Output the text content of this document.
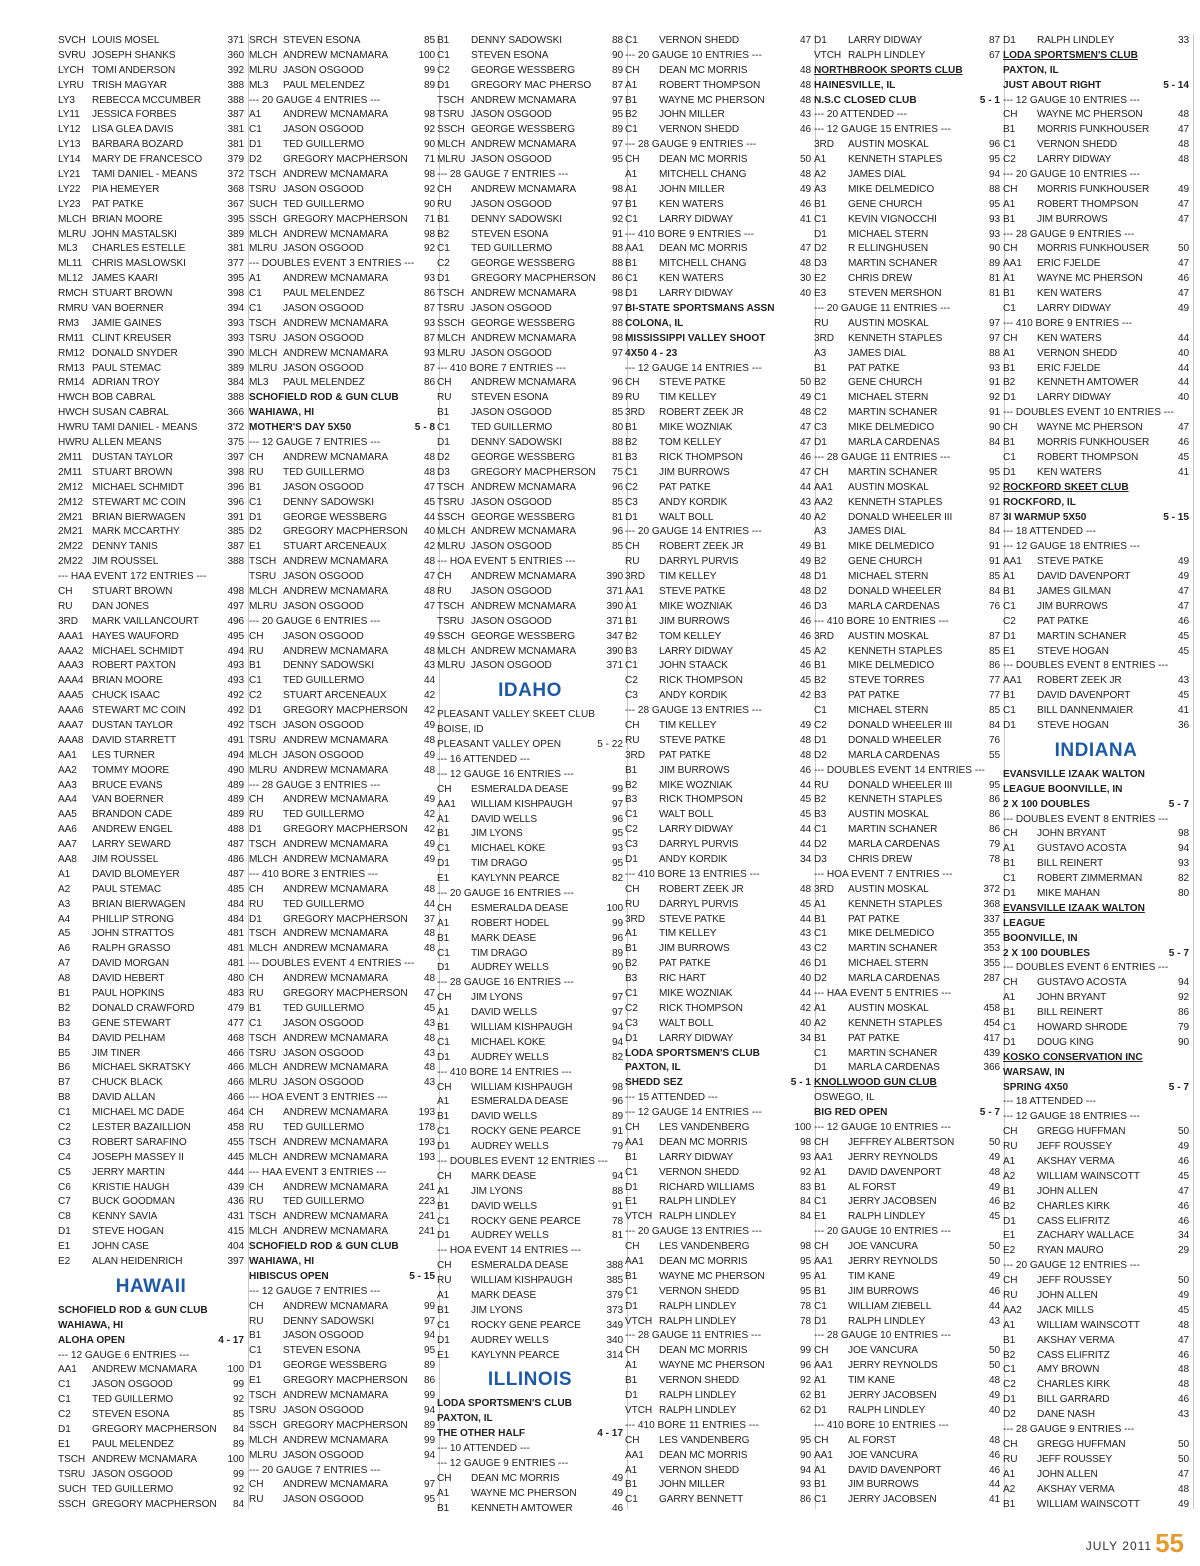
SVCH LOUIS MOSEL	371
SVRU JOSEPH SHANKS	360
LYCH TOMI ANDERSON	392
LYRU TRISH MAGYAR	388
LY3	REBECCA MCCUMBER	388
LY11	JESSICA FORBES	387
LY12	LISA GLEA DAVIS	381
LY13	BARBARA BOZARD	381
LY14	MARY DE FRANCESCO	379
LY21	TAMI DANIEL - MEANS	372
LY22	PIA HEMEYER	368
LY23	PAT PATKE	367
MLCH BRIAN MOORE	395
MLRU JOHN MASTALSKI	389
ML3	CHARLES ESTELLE	381
ML11 CHRIS MASLOWSKI	377
ML12 JAMES KAARI	395
RMCH STUART BROWN	398
RMRU VAN BOERNER	394
RM3	JAMIE GAINES	393
RM11 CLINT KREUSER	393
RM12 DONALD SNYDER	390
RM13 PAUL STEMAC	389
RM14 ADRIAN TROY	384
HWCH BOB CABRAL	388
HWCH SUSAN CABRAL	366
HWRU TAMI DANIEL - MEANS	372
HWRU ALLEN MEANS	375
2M11 DUSTAN TAYLOR	397
2M11 STUART BROWN	398
2M12 MICHAEL SCHMIDT	396
2M12 STEWART MC COIN	396
2M21 BRIAN BIERWAGEN	391
2M21 MARK MCCARTHY	385
2M22 DENNY TANIS	387
2M22 JIM ROUSSEL	388
--- HAA EVENT 172 ENTRIES ---
CH	STUART BROWN	498
RU	DAN JONES	497
3RD	MARK VAILLANCOURT	496
AAA1 HAYES WAUFORD	495
AAA2 MICHAEL SCHMIDT	494
AAA3 ROBERT PAXTON	493
AAA4 BRIAN MOORE	493
AAA5 CHUCK ISAAC	492
AAA6 STEWART MC COIN	492
AAA7 DUSTAN TAYLOR	492
AAA8 DAVID STARRETT	491
AA1	LES TURNER	494
AA2	TOMMY MOORE	490
AA3	BRUCE EVANS	489
AA4	VAN BOERNER	489
AA5	BRANDON CADE	489
AA6	ANDREW ENGEL	488
AA7	LARRY SEWARD	487
AA8	JIM ROUSSEL	486
A1	DAVID BLOMEYER	487
A2	PAUL STEMAC	485
A3	BRIAN BIERWAGEN	484
A4	PHILLIP STRONG	484
A5	JOHN STRATTOS	481
A6	RALPH GRASSO	481
A7	DAVID MORGAN	481
A8	DAVID HEBERT	480
B1	PAUL HOPKINS	483
B2	DONALD CRAWFORD	479
B3	GENE STEWART	477
B4	DAVID PELHAM	468
B5	JIM TINER	466
B6	MICHAEL SKRATSKY	466
B7	CHUCK BLACK	466
B8	DAVID ALLAN	466
C1	MICHAEL MC DADE	464
C2	LESTER BAZAILLION	458
C3	ROBERT SARAFINO	455
C4	JOSEPH MASSEY II	445
C5	JERRY MARTIN	444
C6	KRISTIE HAUGH	439
C7	BUCK GOODMAN	436
C8	KENNY SAVIA	431
D1	STEVE HOGAN	415
E1	JOHN CASE	404
E2	ALAN HEIDENRICH	397
HAWAII
SCHOFIELD ROD & GUN CLUB
WAHIAWA, HI
ALOHA OPEN	4 - 17
--- 12 GAUGE 6 ENTRIES ---
AA1	ANDREW MCNAMARA	100
C1	JASON OSGOOD	99
C1	TED GUILLERMO	92
C2	STEVEN ESONA	85
D1	GREGORY MACPHERSON	84
E1	PAUL MELENDEZ	89
TSCH ANDREW MCNAMARA	100
TSRU JASON OSGOOD	99
SUCH TED GUILLERMO	92
SSCH GREGORY MACPHERSON	84
SRCH STEVEN ESONA	85
MLCH ANDREW MCNAMARA	100
MLRU JASON OSGOOD	99
ML3	PAUL MELENDEZ	89
--- 20 GAUGE 4 ENTRIES ---
A1	ANDREW MCNAMARA	98
C1	JASON OSGOOD	92
D1	TED GUILLERMO	90
D2	GREGORY MACPHERSON	71
TSCH ANDREW MCNAMARA	98
TSRU JASON OSGOOD	92
SUCH TED GUILLERMO	90
SSCH GREGORY MACPHERSON	71
MLCH ANDREW MCNAMARA	98
MLRU JASON OSGOOD	92
--- DOUBLES EVENT 3 ENTRIES ---
A1	ANDREW MCNAMARA	93
C1	PAUL MELENDEZ	86
C1	JASON OSGOOD	87
TSCH ANDREW MCNAMARA	93
TSRU JASON OSGOOD	87
MLCH ANDREW MCNAMARA	93
MLRU JASON OSGOOD	87
ML3	PAUL MELENDEZ	86
SCHOFIELD ROD & GUN CLUB
WAHIAWA, HI
MOTHER'S DAY 5X50	5 - 8
--- 12 GAUGE 7 ENTRIES ---
CH	ANDREW MCNAMARA	48
RU	TED GUILLERMO	48
B1	JASON OSGOOD	47
C1	DENNY SADOWSKI	45
D1	GEORGE WESSBERG	44
D2	GREGORY MACPHERSON	40
E1	STUART ARCENEAUX	42
TSCH ANDREW MCNAMARA	48
TSRU JASON OSGOOD	47
MLCH ANDREW MCNAMARA	48
MLRU JASON OSGOOD	47
--- 20 GAUGE 6 ENTRIES ---
CH	JASON OSGOOD	49
RU	ANDREW MCNAMARA	48
B1	DENNY SADOWSKI	43
C1	TED GUILLERMO	44
C2	STUART ARCENEAUX	42
D1	GREGORY MACPHERSON	42
TSCH JASON OSGOOD	49
TSRU ANDREW MCNAMARA	48
MLCH JASON OSGOOD	49
MLRU ANDREW MCNAMARA	48
--- 28 GAUGE 3 ENTRIES ---
CH	ANDREW MCNAMARA	49
RU	TED GUILLERMO	42
D1	GREGORY MACPHERSON	42
TSCH ANDREW MCNAMARA	49
MLCH ANDREW MCNAMARA	49
--- 410 BORE 3 ENTRIES ---
CH	ANDREW MCNAMARA	48
RU	TED GUILLERMO	44
D1	GREGORY MACPHERSON	37
TSCH ANDREW MCNAMARA	48
MLCH ANDREW MCNAMARA	48
--- DOUBLES EVENT 4 ENTRIES ---
CH	ANDREW MCNAMARA	48
RU	GREGORY MACPHERSON	47
B1	TED GUILLERMO	45
C1	JASON OSGOOD	43
TSCH ANDREW MCNAMARA	48
TSRU JASON OSGOOD	43
MLCH ANDREW MCNAMARA	48
MLRU JASON OSGOOD	43
--- HOA EVENT 3 ENTRIES ---
CH	ANDREW MCNAMARA	193
RU	TED GUILLERMO	178
TSCH ANDREW MCNAMARA	193
MLCH ANDREW MCNAMARA	193
--- HAA EVENT 3 ENTRIES ---
CH	ANDREW MCNAMARA	241
RU	TED GUILLERMO	223
TSCH ANDREW MCNAMARA	241
MLCH ANDREW MCNAMARA	241
SCHOFIELD ROD & GUN CLUB
WAHIAWA, HI
HIBISCUS OPEN	5 - 15
--- 12 GAUGE 7 ENTRIES ---
CH	ANDREW MCNAMARA	99
RU	DENNY SADOWSKI	97
B1	JASON OSGOOD	94
C1	STEVEN ESONA	95
D1	GEORGE WESSBERG	89
E1	GREGORY MACPHERSON	86
TSCH ANDREW MCNAMARA	99
TSRU JASON OSGOOD	94
SSCH GREGORY MACPHERSON	89
MLCH ANDREW MCNAMARA	99
MLRU JASON OSGOOD	94
--- 20 GAUGE 7 ENTRIES ---
CH	ANDREW MCNAMARA	97
RU	JASON OSGOOD	95
B1	DENNY SADOWSKI	88
C1	STEVEN ESONA	90
C2	GEORGE WESSBERG	89
D1	GREGORY MAC PHERSO	87
TSCH ANDREW MCNAMARA	97
TSRU JASON OSGOOD	95
SSCH GEORGE WESSBERG	89
MLCH ANDREW MCNAMARA	97
MLRU JASON OSGOOD	95
--- 28 GAUGE 7 ENTRIES ---
CH	ANDREW MCNAMARA	98
RU	JASON OSGOOD	97
B1	DENNY SADOWSKI	92
B2	STEVEN ESONA	91
C1	TED GUILLERMO	88
C2	GEORGE WESSBERG	88
D1	GREGORY MACPHERSON	86
TSCH ANDREW MCNAMARA	98
TSRU JASON OSGOOD	97
SSCH GEORGE WESSBERG	88
MLCH ANDREW MCNAMARA	98
MLRU JASON OSGOOD	97
--- 410 BORE 7 ENTRIES ---
CH	ANDREW MCNAMARA	96
RU	STEVEN ESONA	89
B1	JASON OSGOOD	85
C1	TED GUILLERMO	80
D1	DENNY SADOWSKI	88
D2	GEORGE WESSBERG	81
D3	GREGORY MACPHERSON	75
TSCH ANDREW MCNAMARA	96
TSRU JASON OSGOOD	85
SSCH GEORGE WESSBERG	81
MLCH ANDREW MCNAMARA	96
MLRU JASON OSGOOD	85
--- HOA EVENT 5 ENTRIES ---
CH	ANDREW MCNAMARA	390
RU	JASON OSGOOD	371
TSCH ANDREW MCNAMARA	390
TSRU JASON OSGOOD	371
SSCH GEORGE WESSBERG	347
MLCH ANDREW MCNAMARA	390
MLRU JASON OSGOOD	371
IDAHO
PLEASANT VALLEY SKEET CLUB
BOISE, ID
PLEASANT VALLEY OPEN	5 - 22
--- 16 ATTENDED ---
--- 12 GAUGE 16 ENTRIES ---
CH	ESMERALDA DEASE	99
AA1	WILLIAM KISHPAUGH	97
A1	DAVID WELLS	96
B1	JIM LYONS	95
C1	MICHAEL KOKE	93
D1	TIM DRAGO	95
E1	KAYLYNN PEARCE	82
--- 20 GAUGE 16 ENTRIES ---
CH	ESMERALDA DEASE	100
A1	ROBERT HODEL	99
B1	MARK DEASE	96
C1	TIM DRAGO	89
D1	AUDREY WELLS	90
--- 28 GAUGE 16 ENTRIES ---
CH	JIM LYONS	97
A1	DAVID WELLS	97
B1	WILLIAM KISHPAUGH	94
C1	MICHAEL KOKE	94
D1	AUDREY WELLS	82
--- 410 BORE 14 ENTRIES ---
CH	WILLIAM KISHPAUGH	98
A1	ESMERALDA DEASE	96
B1	DAVID WELLS	89
C1	ROCKY GENE PEARCE	91
D1	AUDREY WELLS	79
--- DOUBLES EVENT 12 ENTRIES ---
CH	MARK DEASE	94
A1	JIM LYONS	88
B1	DAVID WELLS	91
C1	ROCKY GENE PEARCE	78
D1	AUDREY WELLS	81
--- HOA EVENT 14 ENTRIES ---
CH	ESMERALDA DEASE	388
RU	WILLIAM KISHPAUGH	385
A1	MARK DEASE	379
B1	JIM LYONS	373
C1	ROCKY GENE PEARCE	349
D1	AUDREY WELLS	340
E1	KAYLYNN PEARCE	314
ILLINOIS
LODA SPORTSMEN'S CLUB
PAXTON, IL
THE OTHER HALF	4 - 17
--- 10 ATTENDED ---
--- 12 GAUGE 9 ENTRIES ---
CH	DEAN MC MORRIS	49
A1	WAYNE MC PHERSON	49
B1	KENNETH AMTOWER	46
C1	VERNON SHEDD	47
--- 20 GAUGE 10 ENTRIES ---
CH	DEAN MC MORRIS	48
A1	ROBERT THOMPSON	48
B1	WAYNE MC PHERSON	48
B2	JOHN MILLER	43
C1	VERNON SHEDD	46
--- 28 GAUGE 9 ENTRIES ---
CH	DEAN MC MORRIS	50
A1	MITCHELL CHANG	48
A1	JOHN MILLER	49
B1	KEN WATERS	46
C1	LARRY DIDWAY	41
--- 410 BORE 9 ENTRIES ---
AA1	DEAN MC MORRIS	47
B1	MITCHELL CHANG	48
C1	KEN WATERS	30
D1	LARRY DIDWAY	40
BI-STATE SPORTSMANS ASSN
COLONA, IL
MISSISSIPPI VALLEY SHOOT
4X50 4 - 23
--- 12 GAUGE 14 ENTRIES ---
CH	STEVE PATKE	50
RU	TIM KELLEY	49
3RD	ROBERT ZEEK JR	48
B1	MIKE WOZNIAK	47
B2	TOM KELLEY	47
B3	RICK THOMPSON	46
C1	JIM BURROWS	47
C2	PAT PATKE	44
C3	ANDY KORDIK	43
D1	WALT BOLL	40
--- 20 GAUGE 14 ENTRIES ---
CH	ROBERT ZEEK JR	49
RU	DARRYL PURVIS	49
3RD	TIM KELLEY	48
AA1	STEVE PATKE	48
A1	MIKE WOZNIAK	46
B1	JIM BURROWS	46
B2	TOM KELLEY	46
B3	LARRY DIDWAY	45
C1	JOHN STAACK	46
C2	RICK THOMPSON	45
C3	ANDY KORDIK	42
--- 28 GAUGE 13 ENTRIES ---
CH	TIM KELLEY	49
RU	STEVE PATKE	48
3RD	PAT PATKE	48
B1	JIM BURROWS	46
B2	MIKE WOZNIAK	44
B3	RICK THOMPSON	45
C1	WALT BOLL	45
C2	LARRY DIDWAY	44
C3	DARRYL PURVIS	44
D1	ANDY KORDIK	34
--- 410 BORE 13 ENTRIES ---
CH	ROBERT ZEEK JR	48
RU	DARRYL PURVIS	45
3RD	STEVE PATKE	44
A1	TIM KELLEY	43
B1	JIM BURROWS	43
B2	PAT PATKE	46
B3	RIC HART	40
C1	MIKE WOZNIAK	44
C2	RICK THOMPSON	42
C3	WALT BOLL	40
D1	LARRY DIDWAY	34
LODA SPORTSMEN'S CLUB
PAXTON, IL
SHEDD SEZ	5 - 1
--- 15 ATTENDED ---
--- 12 GAUGE 14 ENTRIES ---
CH	LES VANDENBERG	100
AA1	DEAN MC MORRIS	98
B1	LARRY DIDWAY	93
C1	VERNON SHEDD	92
D1	RICHARD WILLIAMS	83
E1	RALPH LINDLEY	84
VTCH RALPH LINDLEY	84
--- 20 GAUGE 13 ENTRIES ---
CH	LES VANDENBERG	98
AA1	DEAN MC MORRIS	95
B1	WAYNE MC PHERSON	95
C1	VERNON SHEDD	95
D1	RALPH LINDLEY	78
VTCH RALPH LINDLEY	78
--- 28 GAUGE 11 ENTRIES ---
CH	DEAN MC MORRIS	99
A1	WAYNE MC PHERSON	96
B1	VERNON SHEDD	92
D1	RALPH LINDLEY	62
VTCH RALPH LINDLEY	62
--- 410 BORE 11 ENTRIES ---
CH	LES VANDENBERG	95
AA1	DEAN MC MORRIS	90
A1	VERNON SHEDD	94
B1	JOHN MILLER	93
C1	GARRY BENNETT	86
D1	LARRY DIDWAY	87
VTCH RALPH LINDLEY	67
NORTHBROOK SPORTS CLUB
HAINESVILLE, IL
N.S.C CLOSED CLUB	5 - 1
--- 20 ATTENDED ---
--- 12 GAUGE 15 ENTRIES ---
3RD	AUSTIN MOSKAL	96
A1	KENNETH STAPLES	95
A2	JAMES DIAL	94
A3	MIKE DELMEDICO	88
B1	GENE CHURCH	95
C1	KEVIN VIGNOCCHI	93
D1	MICHAEL STERN	93
D2	R ELLINGHUSEN	90
D3	MARTIN SCHANER	89
E2	CHRIS DREW	81
E3	STEVEN MERSHON	81
--- 20 GAUGE 11 ENTRIES ---
RU	AUSTIN MOSKAL	97
3RD	KENNETH STAPLES	97
A3	JAMES DIAL	88
B1	PAT PATKE	93
B2	GENE CHURCH	91
C1	MICHAEL STERN	92
C2	MARTIN SCHANER	91
C3	MIKE DELMEDICO	90
D1	MARLA CARDENAS	84
--- 28 GAUGE 11 ENTRIES ---
CH	MARTIN SCHANER	95
AA1	AUSTIN MOSKAL	92
AA2	KENNETH STAPLES	91
A2	DONALD WHEELER III	87
A3	JAMES DIAL	84
B1	MIKE DELMEDICO	91
B2	GENE CHURCH	91
D1	MICHAEL STERN	85
D2	DONALD WHEELER	84
D3	MARLA CARDENAS	76
--- 410 BORE 10 ENTRIES ---
3RD	AUSTIN MOSKAL	87
A2	KENNETH STAPLES	85
B1	MIKE DELMEDICO	86
B2	STEVE TORRES	77
B3	PAT PATKE	77
C1	MICHAEL STERN	85
C2	DONALD WHEELER III	84
D1	DONALD WHEELER	76
D2	MARLA CARDENAS	55
--- DOUBLES EVENT 14 ENTRIES ---
RU	DONALD WHEELER III	95
B2	KENNETH STAPLES	86
B3	AUSTIN MOSKAL	86
C1	MARTIN SCHANER	86
D2	MARLA CARDENAS	79
D3	CHRIS DREW	78
--- HOA EVENT 7 ENTRIES ---
3RD	AUSTIN MOSKAL	372
A1	KENNETH STAPLES	368
B1	PAT PATKE	337
C1	MIKE DELMEDICO	355
C2	MARTIN SCHANER	353
D1	MICHAEL STERN	355
D2	MARLA CARDENAS	287
--- HAA EVENT 5 ENTRIES ---
A1	AUSTIN MOSKAL	458
A2	KENNETH STAPLES	454
B1	PAT PATKE	417
C1	MARTIN SCHANER	439
D1	MARLA CARDENAS	366
KNOLLWOOD GUN CLUB
OSWEGO, IL
BIG RED OPEN	5 - 7
--- 12 GAUGE 10 ENTRIES ---
CH	JEFFREY ALBERTSON	50
AA1	JERRY REYNOLDS	49
A1	DAVID DAVENPORT	48
B1	AL FORST	49
C1	JERRY JACOBSEN	46
E1	RALPH LINDLEY	45
--- 20 GAUGE 10 ENTRIES ---
CH	JOE VANCURA	50
AA1	JERRY REYNOLDS	50
A1	TIM KANE	49
B1	JIM BURROWS	46
C1	WILLIAM ZIEBELL	44
D1	RALPH LINDLEY	43
--- 28 GAUGE 10 ENTRIES ---
CH	JOE VANCURA	50
AA1	JERRY REYNOLDS	50
A1	TIM KANE	48
B1	JERRY JACOBSEN	49
D1	RALPH LINDLEY	40
--- 410 BORE 10 ENTRIES ---
CH	AL FORST	48
AA1	JOE VANCURA	46
A1	DAVID DAVENPORT	46
B1	JIM BURROWS	44
C1	JERRY JACOBSEN	41
D1	RALPH LINDLEY	33
LODA SPORTSMEN'S CLUB
PAXTON, IL
JUST ABOUT RIGHT	5 - 14
--- 12 GAUGE 10 ENTRIES ---
CH	WAYNE MC PHERSON	48
B1	MORRIS FUNKHOUSER	47
C1	VERNON SHEDD	48
C2	LARRY DIDWAY	48
--- 20 GAUGE 10 ENTRIES ---
CH	MORRIS FUNKHOUSER	49
A1	ROBERT THOMPSON	47
B1	JIM BURROWS	47
--- 28 GAUGE 9 ENTRIES ---
CH	MORRIS FUNKHOUSER	50
AA1	ERIC FJELDE	47
A1	WAYNE MC PHERSON	46
B1	KEN WATERS	47
C1	LARRY DIDWAY	49
--- 410 BORE 9 ENTRIES ---
CH	KEN WATERS	44
A1	VERNON SHEDD	40
B1	ERIC FJELDE	44
B2	KENNETH AMTOWER	44
D1	LARRY DIDWAY	40
--- DOUBLES EVENT 10 ENTRIES ---
CH	WAYNE MC PHERSON	47
B1	MORRIS FUNKHOUSER	46
C1	ROBERT THOMPSON	45
D1	KEN WATERS	41
ROCKFORD SKEET CLUB
ROCKFORD, IL
3I WARMUP 5X50	5 - 15
--- 18 ATTENDED ---
--- 12 GAUGE 18 ENTRIES ---
AA1	STEVE PATKE	49
A1	DAVID DAVENPORT	49
B1	JAMES GILMAN	47
C1	JIM BURROWS	47
C2	PAT PATKE	46
D1	MARTIN SCHANER	45
E1	STEVE HOGAN	45
--- DOUBLES EVENT 8 ENTRIES ---
AA1	ROBERT ZEEK JR	43
B1	DAVID DAVENPORT	45
C1	BILL DANNENMAIER	41
D1	STEVE HOGAN	36
INDIANA
EVANSVILLE IZAAK WALTON
LEAGUE BOONVILLE, IN
2 X 100 DOUBLES	5 - 7
--- DOUBLES EVENT 8 ENTRIES ---
CH	JOHN BRYANT	98
A1	GUSTAVO ACOSTA	94
B1	BILL REINERT	93
C1	ROBERT ZIMMERMAN	82
D1	MIKE MAHAN	80
EVANSVILLE IZAAK WALTON
LEAGUE
BOONVILLE, IN
2 X 100 DOUBLES	5 - 7
--- DOUBLES EVENT 6 ENTRIES ---
CH	GUSTAVO ACOSTA	94
A1	JOHN BRYANT	92
B1	BILL REINERT	86
C1	HOWARD SHRODE	79
D1	DOUG KING	90
KOSKO CONSERVATION INC
WARSAW, IN
SPRING 4X50	5 - 7
--- 18 ATTENDED ---
--- 12 GAUGE 18 ENTRIES ---
CH	GREGG HUFFMAN	50
RU	JEFF ROUSSEY	49
A1	AKSHAY VERMA	46
A2	WILLIAM WAINSCOTT	45
B1	JOHN ALLEN	47
B2	CHARLES KIRK	46
D1	CASS ELIFRITZ	46
E1	ZACHARY WALLACE	34
E2	RYAN MAURO	29
--- 20 GAUGE 12 ENTRIES ---
CH	JEFF ROUSSEY	50
RU	JOHN ALLEN	49
AA2	JACK MILLS	45
A1	WILLIAM WAINSCOTT	48
B1	AKSHAY VERMA	47
B2	CASS ELIFRITZ	46
C1	AMY BROWN	48
C2	CHARLES KIRK	48
D1	BILL GARRARD	46
D2	DANE NASH	43
--- 28 GAUGE 9 ENTRIES ---
CH	GREGG HUFFMAN	50
RU	JEFF ROUSSEY	50
A1	JOHN ALLEN	47
A2	AKSHAY VERMA	48
B1	WILLIAM WAINSCOTT	49
JULY 2011 55
